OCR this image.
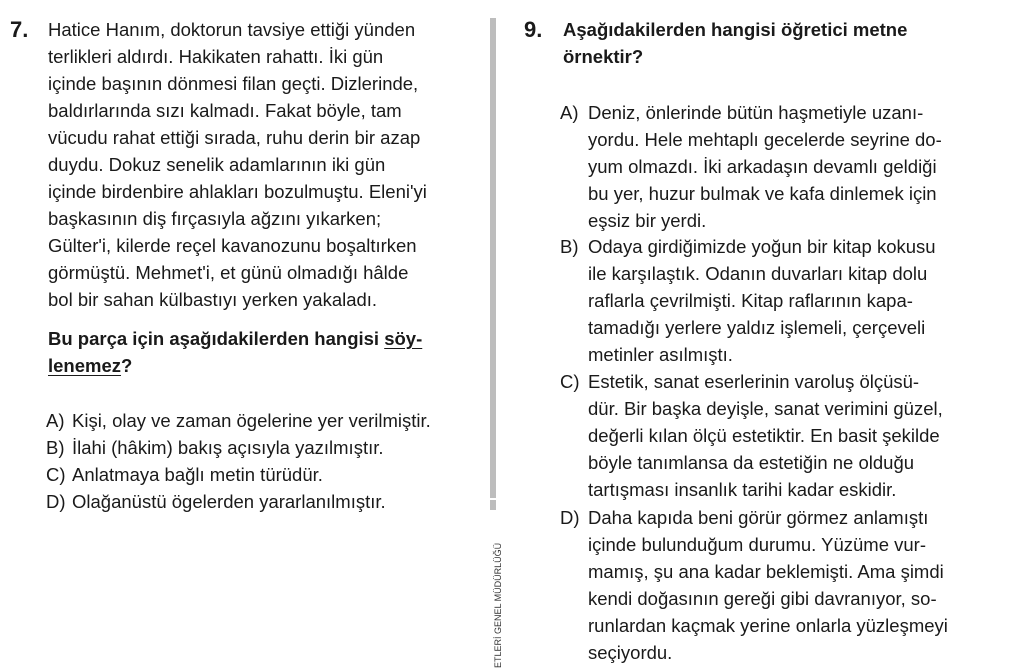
7. Hatice Hanım, doktorun tavsiye ettiği yünden
terlikleri aldırdı. Hakikaten rahattı. İki gün
içinde başının dönmesi filan geçti. Dizlerinde,
baldırlarında sızı kalmadı. Fakat böyle, tam
vücudu rahat ettiği sırada, ruhu derin bir azap
duydu. Dokuz senelik adamlarının iki gün
içinde birdenbire ahlakları bozulmuştu. Eleni'yi
başkasının diş fırçasıyla ağzını yıkarken;
Gülter'i, kilerde reçel kavanozunu boşaltırken
görmüştü. Mehmet'i, et günü olmadığı hâlde
bol bir sahan külbastıyı yerken yakaladı.
Bu parça için aşağıdakilerden hangisi söy-
lenemez?
A) Kişi, olay ve zaman ögelerine yer verilmiştir.
B) İlahi (hâkim) bakış açısıyla yazılmıştır.
C) Anlatmaya bağlı metin türüdür.
D) Olağanüstü ögelerden yararlanılmıştır.
ETLERİ GENEL MÜDÜRLÜĞÜ
9. Aşağıdakilerden hangisi öğretici metne
örnektir?
A) Deniz, önlerinde bütün haşmetiyle uzanı-
yordu. Hele mehtaplı gecelerde seyrine do-
yum olmazdı. İki arkadaşın devamlı geldiği
bu yer, huzur bulmak ve kafa dinlemek için
eşsiz bir yerdi.
B) Odaya girdiğimizde yoğun bir kitap kokusu
ile karşılaştık. Odanın duvarları kitap dolu
raflarla çevrilmişti. Kitap raflarının kapa-
tamadığı yerlere yaldız işlemeli, çerçeveli
metinler asılmıştı.
C) Estetik, sanat eserlerinin varoluş ölçüsü-
dür. Bir başka deyişle, sanat verimini güzel,
değerli kılan ölçü estetiktir. En basit şekilde
böyle tanımlansa da estetiğin ne olduğu
tartışması insanlık tarihi kadar eskidir.
D) Daha kapıda beni görür görmez anlamıştı
içinde bulunduğum durumu. Yüzüme vur-
mamış, şu ana kadar beklemişti. Ama şimdi
kendi doğasının gereği gibi davranıyor, so-
runlardan kaçmak yerine onlarla yüzleşmeyi
seçiyordu.
